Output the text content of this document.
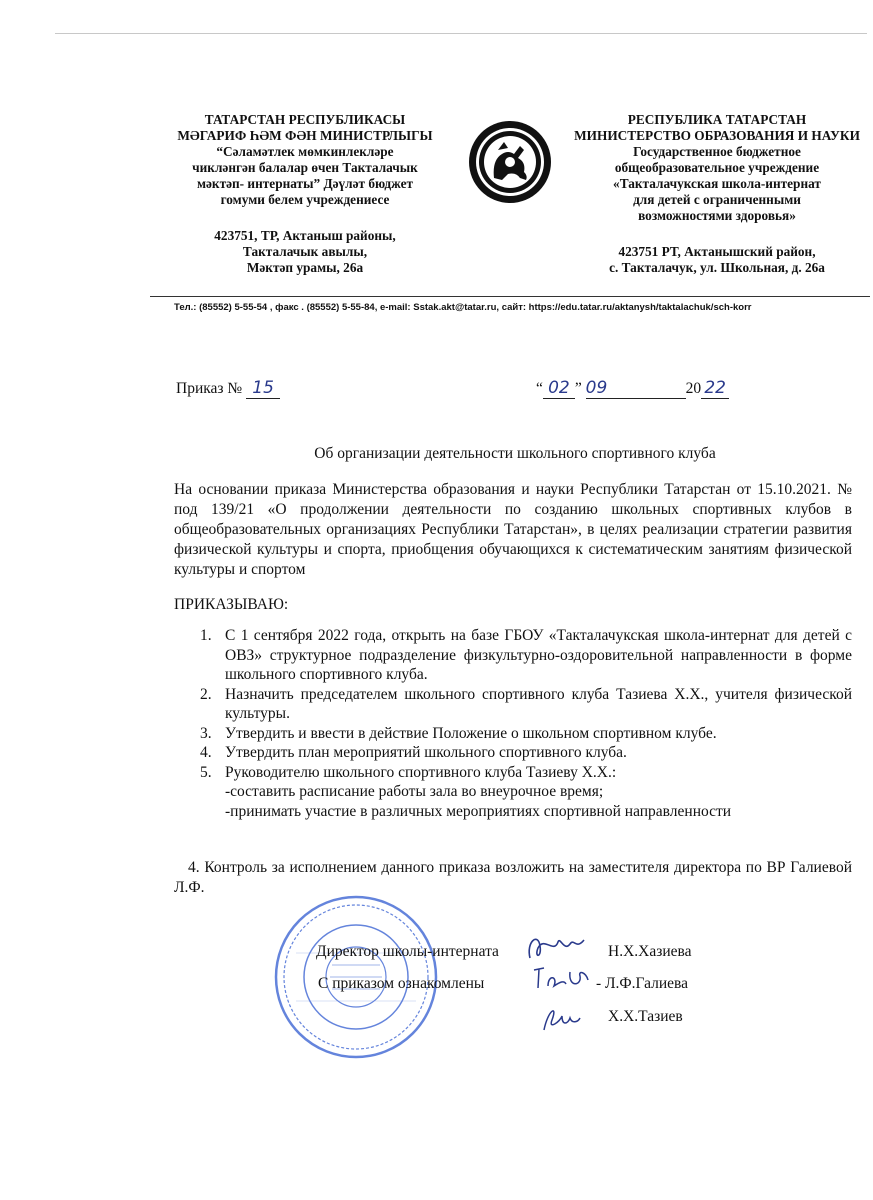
ТАТАРСТАН РЕСПУБЛИКАСЫ
МӘГАРИФ ҺӘМ ФӘН МИНИСТРЛЫГЫ
“Сәламәтлек мөмкинлекләре
чикләнгән балалар өчен Такталачык
мәктәп- интернаты” Дәүләт бюджет
гомуми белем учреждениесе
423751, ТР, Актаныш районы,
Такталачык авылы,
Мәктәп урамы, 26а
РЕСПУБЛИКА ТАТАРСТАН
МИНИСТЕРСТВО ОБРАЗОВАНИЯ И НАУКИ
Государственное бюджетное
общеобразовательное учреждение
«Такталачукская школа-интернат
для детей с ограниченными
возможностями здоровья»
423751 РТ, Актанышский район,
с. Такталачук, ул. Школьная, д. 26а
Тел.: (85552) 5-55-54 , факс . (85552) 5-55-84, e-mail: Sstak.akt@tatar.ru, сайт: https://edu.tatar.ru/aktanysh/taktalachuk/sch-korr
Приказ № 15	“ 02 ” 09	20 22
Об организации деятельности школьного спортивного клуба
На основании приказа Министерства образования и науки Республики Татарстан от 15.10.2021. № под 139/21 «О продолжении деятельности по созданию школьных спортивных клубов в общеобразовательных организациях Республики Татарстан», в целях реализации стратегии развития физической культуры и спорта, приобщения обучающихся к систематическим занятиям физической культуры и спортом
ПРИКАЗЫВАЮ:
1. С 1 сентября 2022 года, открыть на базе ГБОУ «Такталачукская школа-интернат для детей с ОВЗ» структурное подразделение физкультурно-оздоровительной направленности в форме школьного спортивного клуба.
2. Назначить председателем школьного спортивного клуба Тазиева Х.Х., учителя физической культуры.
3. Утвердить и ввести в действие Положение о школьном спортивном клубе.
4. Утвердить план мероприятий школьного спортивного клуба.
5. Руководителю школьного спортивного клуба Тазиеву Х.Х.:
-составить расписание работы зала во внеурочное время;
-принимать участие в различных мероприятиях спортивной направленности
4. Контроль за исполнением данного приказа возложить на заместителя директора по ВР Галиевой Л.Ф.
Директор школы-интерната	Н.Х.Хазиева
С приказом ознакомлены	- Л.Ф.Галиева
Х.Х.Тазиев
